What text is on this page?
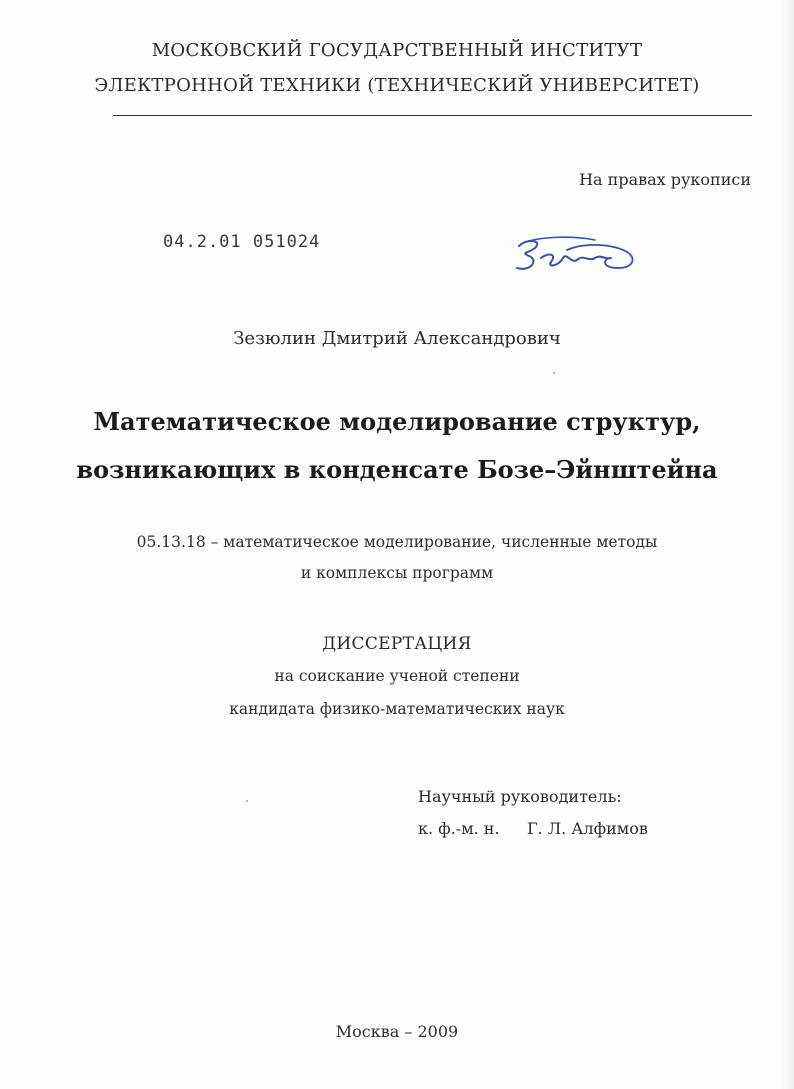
МОСКОВСКИЙ ГОСУДАРСТВЕННЫЙ ИНСТИТУТ
ЭЛЕКТРОННОЙ ТЕХНИКИ (ТЕХНИЧЕСКИЙ УНИВЕРСИТЕТ)
На правах рукописи
04.2.01 051024
Зезюлин Дмитрий Александрович
Математическое моделирование структур,
возникающих в конденсате Бозе–Эйнштейна
05.13.18 – математическое моделирование, численные методы
и комплексы программ
ДИССЕРТАЦИЯ
на соискание ученой степени
кандидата физико-математических наук
Научный руководитель:
к. ф.-м. н. Г. Л. Алфимов
Москва – 2009
